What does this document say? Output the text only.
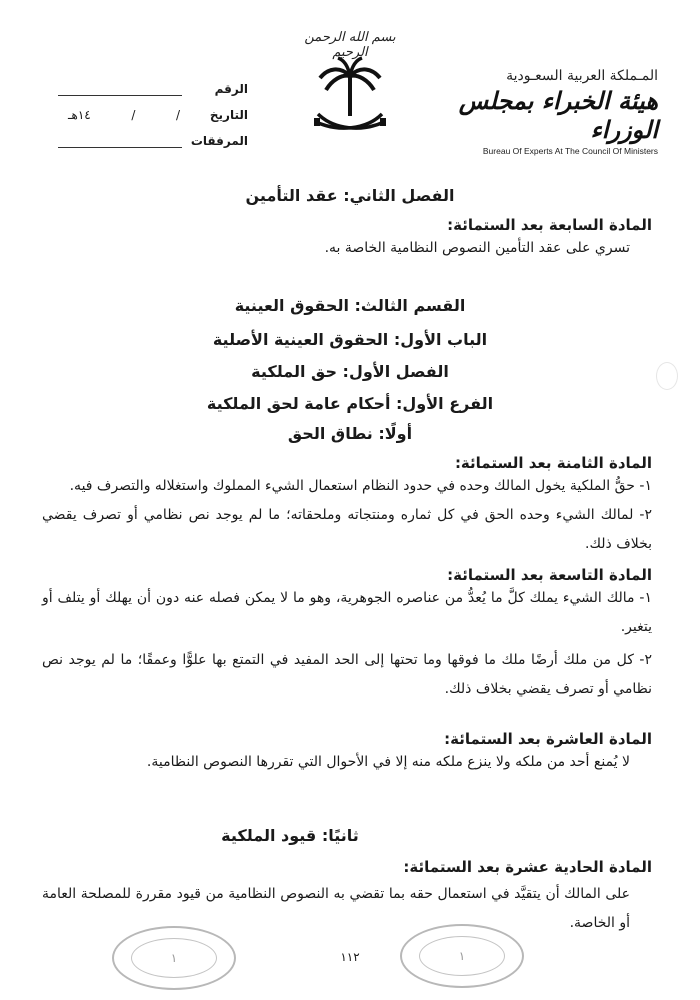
بسم الله الرحمن الرحيم
المـملكة العربية السعـودية
هيئة الخبراء بمجلس الوزراء
Bureau Of Experts At The Council Of Ministers
الرقم
التاريخ
/
/
١٤هـ
المرفقات
الفصل الثاني: عقد التأمين
المادة السابعة بعد الستمائة:
تسري على عقد التأمين النصوص النظامية الخاصة به.
القسم الثالث: الحقوق العينية
الباب الأول: الحقوق العينية الأصلية
الفصل الأول: حق الملكية
الفرع الأول: أحكام عامة لحق الملكية
أولًا: نطاق الحق
المادة الثامنة بعد الستمائة:
١- حقُّ الملكية يخول المالك وحده في حدود النظام استعمال الشيء المملوك واستغلاله والتصرف فيه.
٢- لمالك الشيء وحده الحق في كل ثماره ومنتجاته وملحقاته؛ ما لم يوجد نص نظامي أو تصرف يقضي بخلاف ذلك.
المادة التاسعة بعد الستمائة:
١- مالك الشيء يملك كلَّ ما يُعدُّ من عناصره الجوهرية، وهو ما لا يمكن فصله عنه دون أن يهلك أو يتلف أو يتغير.
٢- كل من ملك أرضًا ملك ما فوقها وما تحتها إلى الحد المفيد في التمتع بها علوًّا وعمقًا؛ ما لم يوجد نص نظامي أو تصرف يقضي بخلاف ذلك.
المادة العاشرة بعد الستمائة:
لا يُمنع أحد من ملكه ولا ينزع ملكه منه إلا في الأحوال التي تقررها النصوص النظامية.
ثانيًا: قيود الملكية
المادة الحادية عشرة بعد الستمائة:
على المالك أن يتقيَّد في استعمال حقه بما تقضي به النصوص النظامية من قيود مقررة للمصلحة العامة أو الخاصة.
١	١١٢	١
